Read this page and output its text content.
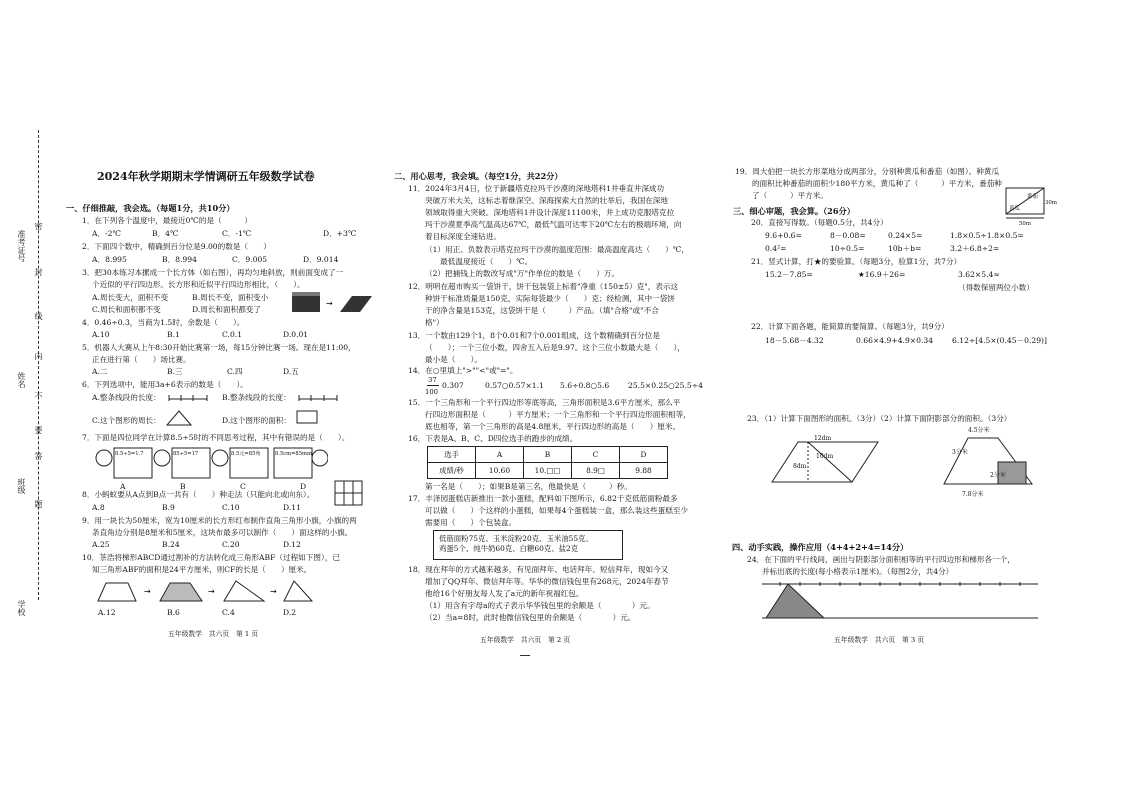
学校
班级
姓名
准考证号
密
封
线
内
不
要
答
题
2024年秋学期期末学情调研五年级数学试卷
一、仔细推敲，我会选。（每题1分，共10分）
1．在下列各个温度中，最接近0℃的是（　　　）
A．-2℃	B．4℃	C．-1℃	D．+3℃
2．下面四个数中，精确到百分位是9.00的数是（　　）
A．8.995	B．8.994	C．9.005	D．9.014
3．把30本练习本摞成一个长方体（如右图），再均匀地斜放，则前面变成了一
个近似的平行四边形。长方形和近似平行四边形相比，（　　）。
A.周长变大，面积不变	B.周长不变，面积变小
C.周长和面积都不变	D.周长和面积都变了
→
4．0.46÷0.3，当商为1.5时，余数是（　　）。
A.10	B.1	C.0.1	D.0.01
5．机器人大赛从上午8:30开始比赛第一场，每15分钟比赛一场。现在是11:00，
正在进行第（　　）场比赛。
A.二	B.三	C.四	D.五
6．下列选项中，能用3a+6表示的数是（　　）。
A.整条线段的长度：	B.整条线段的长度：
C.这个图形的周长：	D.这个图形的面积：
7．下面是四位同学在计算8.5÷5时的不同思考过程，其中有错误的是（　　）。
8.5÷5=1.7	85÷5=17	8.5元=85角	8.5cm=85mm
A	B	C	D
8．小蚂蚁要从A点到B点一共有（　　）种走法（只能向北或向东）。
A.8	B.9	C.10	D.11
9．用一块长为50厘米，宽为10厘米的长方形红布制作直角三角形小旗，小旗的两
条直角边分别是8厘米和5厘米，这块布最多可以制作（　　）面这样的小旗。
A.25	B.24	C.20	D.12
10．茶浩将梯形ABCD通过割补的方法转化成三角形ABF（过程如下图），已
知三角形ABF的面积是24平方厘米，则CF的长是（　　）厘米。
→	→	→
A.12	B.6	C.4	D.2
五年级数学　共六页　第 1 页
二、用心思考，我会填。（每空1分，共22分）
11．2024年3月4日，位于新疆塔克拉玛干沙漠的深地塔科1井垂直井深成功
突破万米大关，这标志着继深空、深海探索大自然的壮举后，我国在深地
领域取得重大突破。深地塔科1井设计深度11100米，井上成功克服塔克拉
玛干沙漠夏季高气温高达67℃，最低气温可达零下20℃左右的极端环境，向
着目标深度全速钻进。
（1）用正、负数表示塔克拉玛干沙漠的温度范围：最高温度高达（　　）℃，
　　最低温度接近（　　）℃。
（2）把捕钱上的数改写成"万"作单位的数是（　　）万。
12．明明在超市购买一袋饼干，饼干包装袋上标着"净重（150±5）克"，表示这
种饼干标准质量是150克，实际每袋最少（　　）克；经检测，其中一袋饼
干的净含量是153克，这袋饼干是（　　　）产品。（填"合格"或"不合
格"）
13．一个数由129个1，8个0.01和7个0.001组成，这个数精确到百分位是
（　　）；一个三位小数，四舍五入后是9.97。这个三位小数最大是（　　），
最小是（　　）。
14．在○里填上">""<"或"="。
37
100
0.307	0.57○0.57×1.1 5.6÷0.8○5.6 25.5×0.25○25.5÷4
15．一个三角形和一个平行四边形等底等高，三角形面积是3.6平方厘米，那么平
行四边形面积是（　　　）平方厘米；一个三角形和一个平行四边形面积相等，
底也相等，第一个三角形的高是4.8厘米，平行四边形的高是（　　）厘米。
16．下表是A、B、C、D四位选手的跑步的成绩。
选手	A	B	C	D
成绩/秒	10.60	10.□□	8.9□	9.88
第一名是（　　）；如果B是第三名，他最快是（　　　）秒。
17．丰泽园蛋糕店新推出一款小蛋糕，配料如下图所示，6.82千克低筋面粉最多
可以做（　　）个这样的小蛋糕，如果每4个蛋糕装一盒，那么装这些蛋糕至少
需要用（　　）个包装盒。
低筋面粉75克、玉米淀粉20克、玉米油55克、
鸡蛋5个、纯牛奶60克、白糖60克、盐2克
18．现在拜年的方式越来越多，有见面拜年、电话拜年、短信拜年，现如今又
增加了QQ拜年、微信拜年等。华华的微信钱包里有268元，2024年春节
他给16个好朋友每人发了a元的新年祝福红包。
（1）用含有字母a的式子表示华华钱包里的余额是（　　　　）元。
（2）当a=8时，此时他微信钱包里的余额是（　　　　）元。
五年级数学　共六页　第 2 页
19．周大伯把一块长方形菜地分成两部分，分别种黄瓜和番茄（如图）。种黄瓜
的面积比种番茄的面积少180平方米，黄瓜种了（　　　）平方米，番茄种
了（　　　）平方米。	番茄
黄瓜
30m
50m
三、细心审题，我会算。（26分）
20．直接写得数。（每题0.5分，共4分）
9.6+0.6=	8－0.08=	0.24×5=	1.8×0.5÷1.8×0.5=
0.4²=	10÷0.5=	10b＋b=	3.2＋6.8÷2=
21．竖式计算，打★的要验算。（每题3分，验算1分，共7分）
15.2－7.85=	★16.9＋26=	3.62×5.4≈
（得数保留两位小数）
22．计算下面各题，能简算的要简算。（每题3分，共9分）
18－5.68－4.32	0.66×4.9+4.9×0.34 6.12÷[4.5×(0.45－0.29)]
23．（1）计算下面图形的面积。（3分）（2）计算下面阴影部分的面积。（3分）
12dm
8dm
10dm
4.5分米
3分米
2分米
7.8分米
四、动手实践，操作应用（4+4+2+4=14分）
24．在下面的平行线间，画出与阴影部分面积相等的平行四边形和梯形各一个，
并标出底的长度(每小格表示1厘米)。（每图2分，共4分）
五年级数学　共六页　第 3 页
